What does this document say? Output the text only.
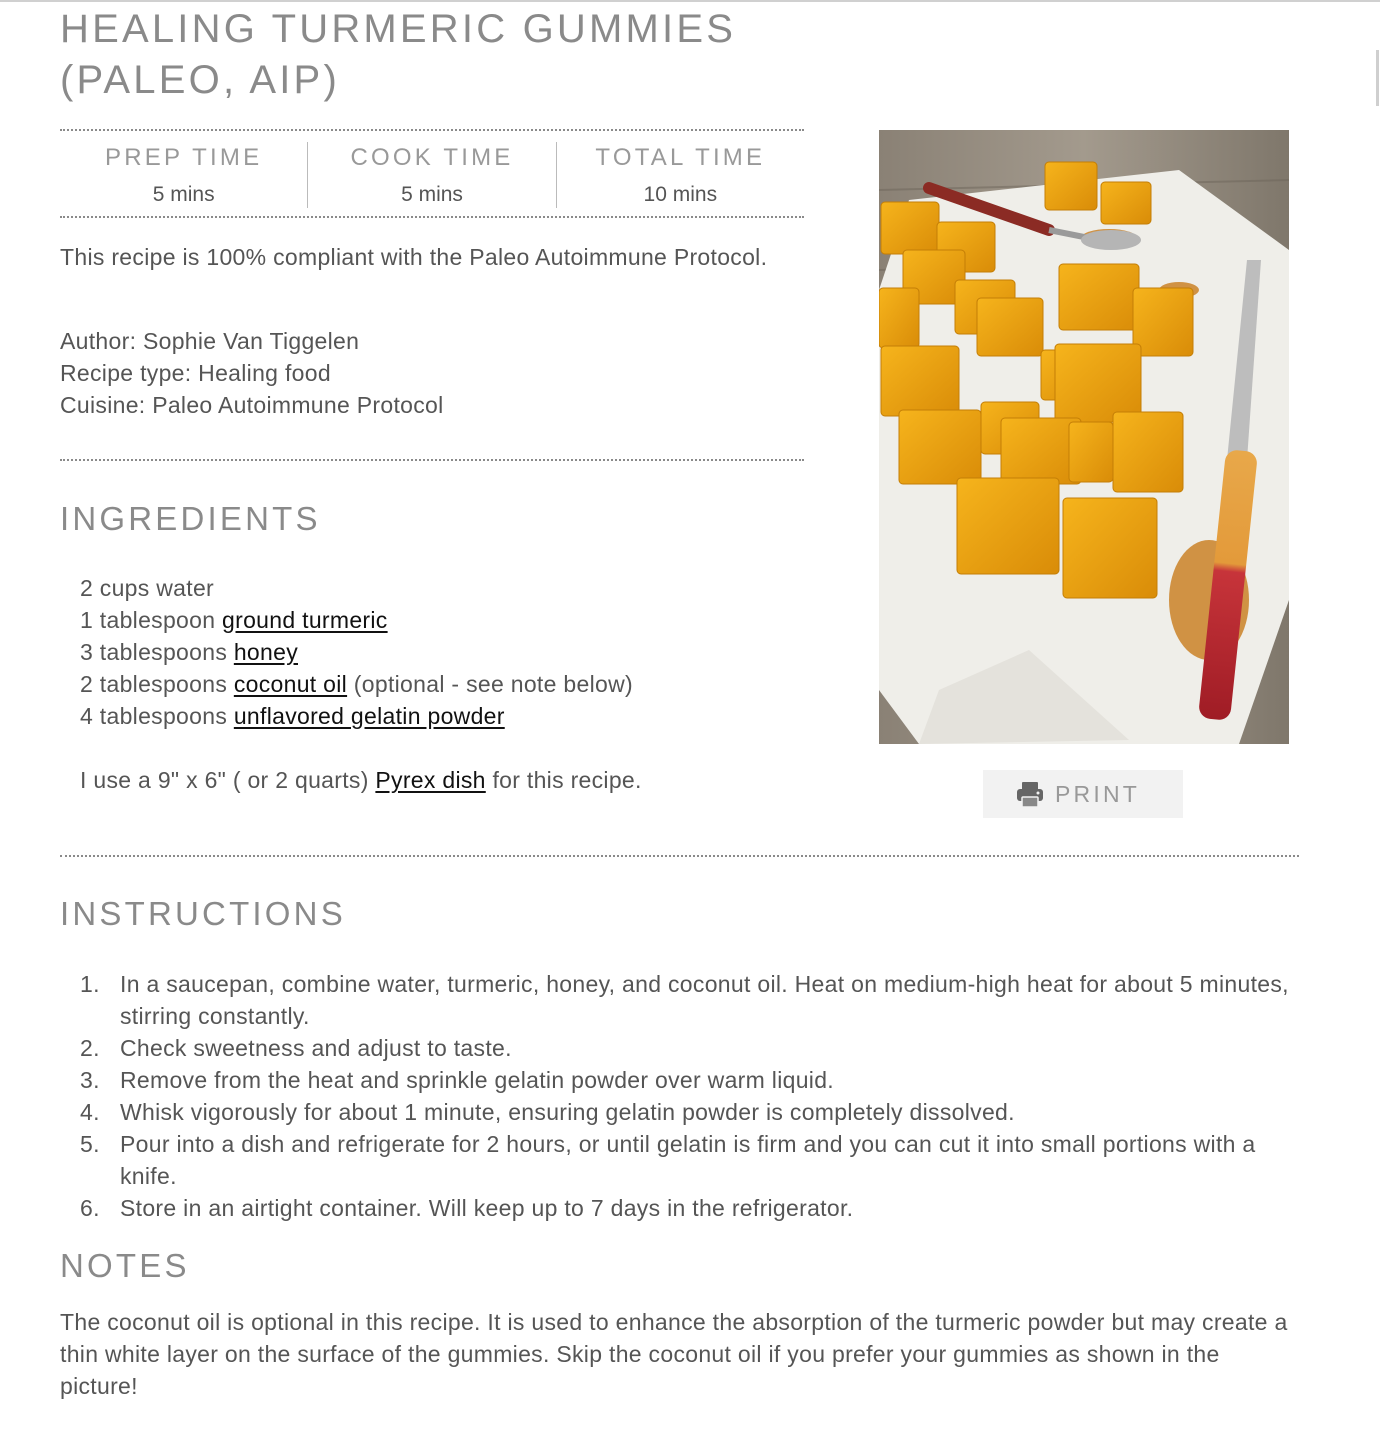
HEALING TURMERIC GUMMIES
(PALEO, AIP)
PREP TIME
5 mins
COOK TIME
5 mins
TOTAL TIME
10 mins

This recipe is 100% compliant with the Paleo Autoimmune Protocol.

Author: Sophie Van Tiggelen
Recipe type: Healing food
Cuisine: Paleo Autoimmune Protocol
INGREDIENTS
2 cups water
1 tablespoon ground turmeric
3 tablespoons honey
2 tablespoons coconut oil (optional - see note below)
4 tablespoons unflavored gelatin powder

I use a 9" x 6" ( or 2 quarts) Pyrex dish for this recipe.

PRINT
INSTRUCTIONS
1. In a saucepan, combine water, turmeric, honey, and coconut oil. Heat on medium-high heat for about 5 minutes, stirring constantly.
2. Check sweetness and adjust to taste.
3. Remove from the heat and sprinkle gelatin powder over warm liquid.
4. Whisk vigorously for about 1 minute, ensuring gelatin powder is completely dissolved.
5. Pour into a dish and refrigerate for 2 hours, or until gelatin is firm and you can cut it into small portions with a knife.
6. Store in an airtight container. Will keep up to 7 days in the refrigerator.
NOTES

The coconut oil is optional in this recipe. It is used to enhance the absorption of the turmeric powder but may create a thin white layer on the surface of the gummies. Skip the coconut oil if you prefer your gummies as shown in the picture!
